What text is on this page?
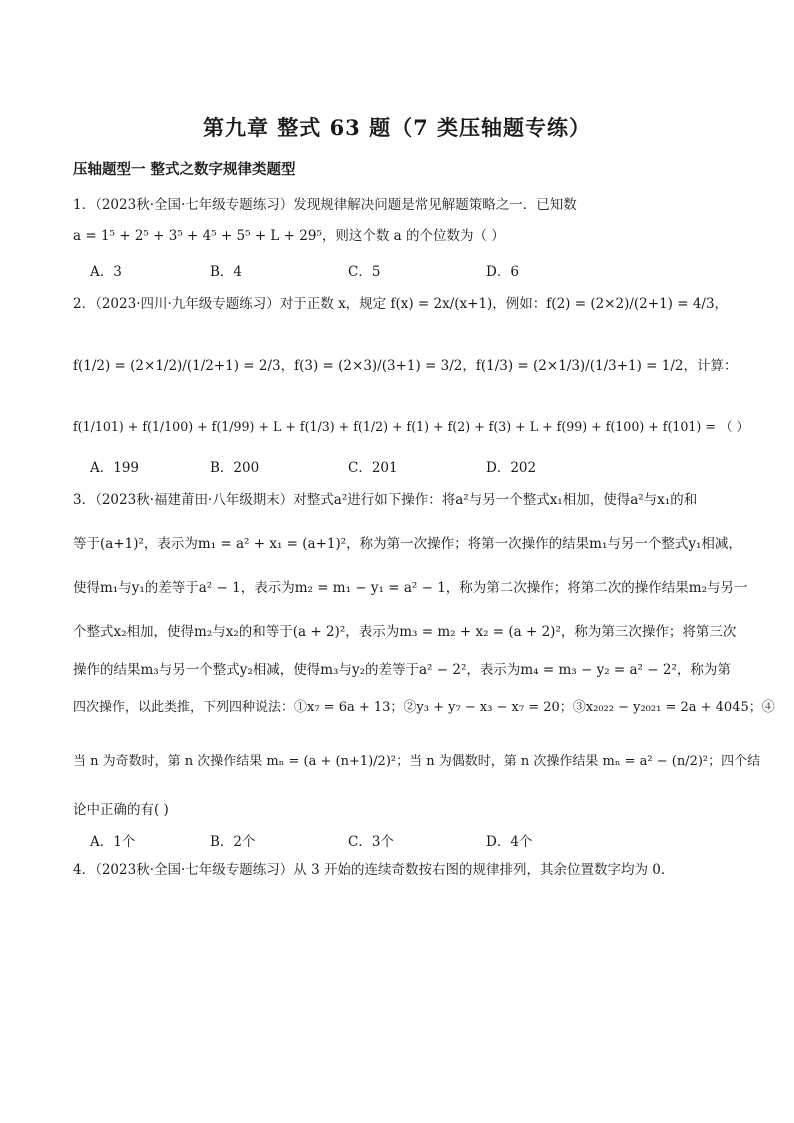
第九章 整式 63 题（7 类压轴题专练）
压轴题型一 整式之数字规律类题型
1．（2023秋·全国·七年级专题练习）发现规律解决问题是常见解题策略之一．已知数
a = 1⁵ + 2⁵ + 3⁵ + 4⁵ + 5⁵ + L + 29⁵，则这个数 a 的个位数为（ ）
A．3	B．4	C．5	D．6
2．（2023·四川·九年级专题练习）对于正数 x，规定 f(x) = 2x/(x+1)，例如：f(2) = (2×2)/(2+1) = 4/3，
f(1/2) = (2×1/2)/(1/2+1) = 2/3，f(3) = (2×3)/(3+1) = 3/2，f(1/3) = (2×1/3)/(1/3+1) = 1/2，计算：
f(1/101) + f(1/100) + f(1/99) + L + f(1/3) + f(1/2) + f(1) + f(2) + f(3) + L + f(99) + f(100) + f(101) = （ ）
A．199	B．200	C．201	D．202
3．（2023秋·福建莆田·八年级期末）对整式a²进行如下操作：将a²与另一个整式x₁相加，使得a²与x₁的和
等于(a+1)²，表示为m₁ = a² + x₁ = (a+1)²，称为第一次操作；将第一次操作的结果m₁与另一个整式y₁相减，
使得m₁与y₁的差等于a² − 1，表示为m₂ = m₁ − y₁ = a² − 1，称为第二次操作；将第二次的操作结果m₂与另一
个整式x₂相加，使得m₂与x₂的和等于(a + 2)²，表示为m₃ = m₂ + x₂ = (a + 2)²，称为第三次操作；将第三次
操作的结果m₃与另一个整式y₂相减，使得m₃与y₂的差等于a² − 2²，表示为m₄ = m₃ − y₂ = a² − 2²，称为第
四次操作，以此类推，下列四种说法：①x₇ = 6a + 13；②y₃ + y₇ − x₃ − x₇ = 20；③x₂₀₂₂ − y₂₀₂₁ = 2a + 4045；④
当 n 为奇数时，第 n 次操作结果 mₙ = (a + (n+1)/2)²；当 n 为偶数时，第 n 次操作结果 mₙ = a² − (n/2)²；四个结
论中正确的有( )
A．1个	B．2个	C．3个	D．4个
4．（2023秋·全国·七年级专题练习）从 3 开始的连续奇数按右图的规律排列，其余位置数字均为 0．
